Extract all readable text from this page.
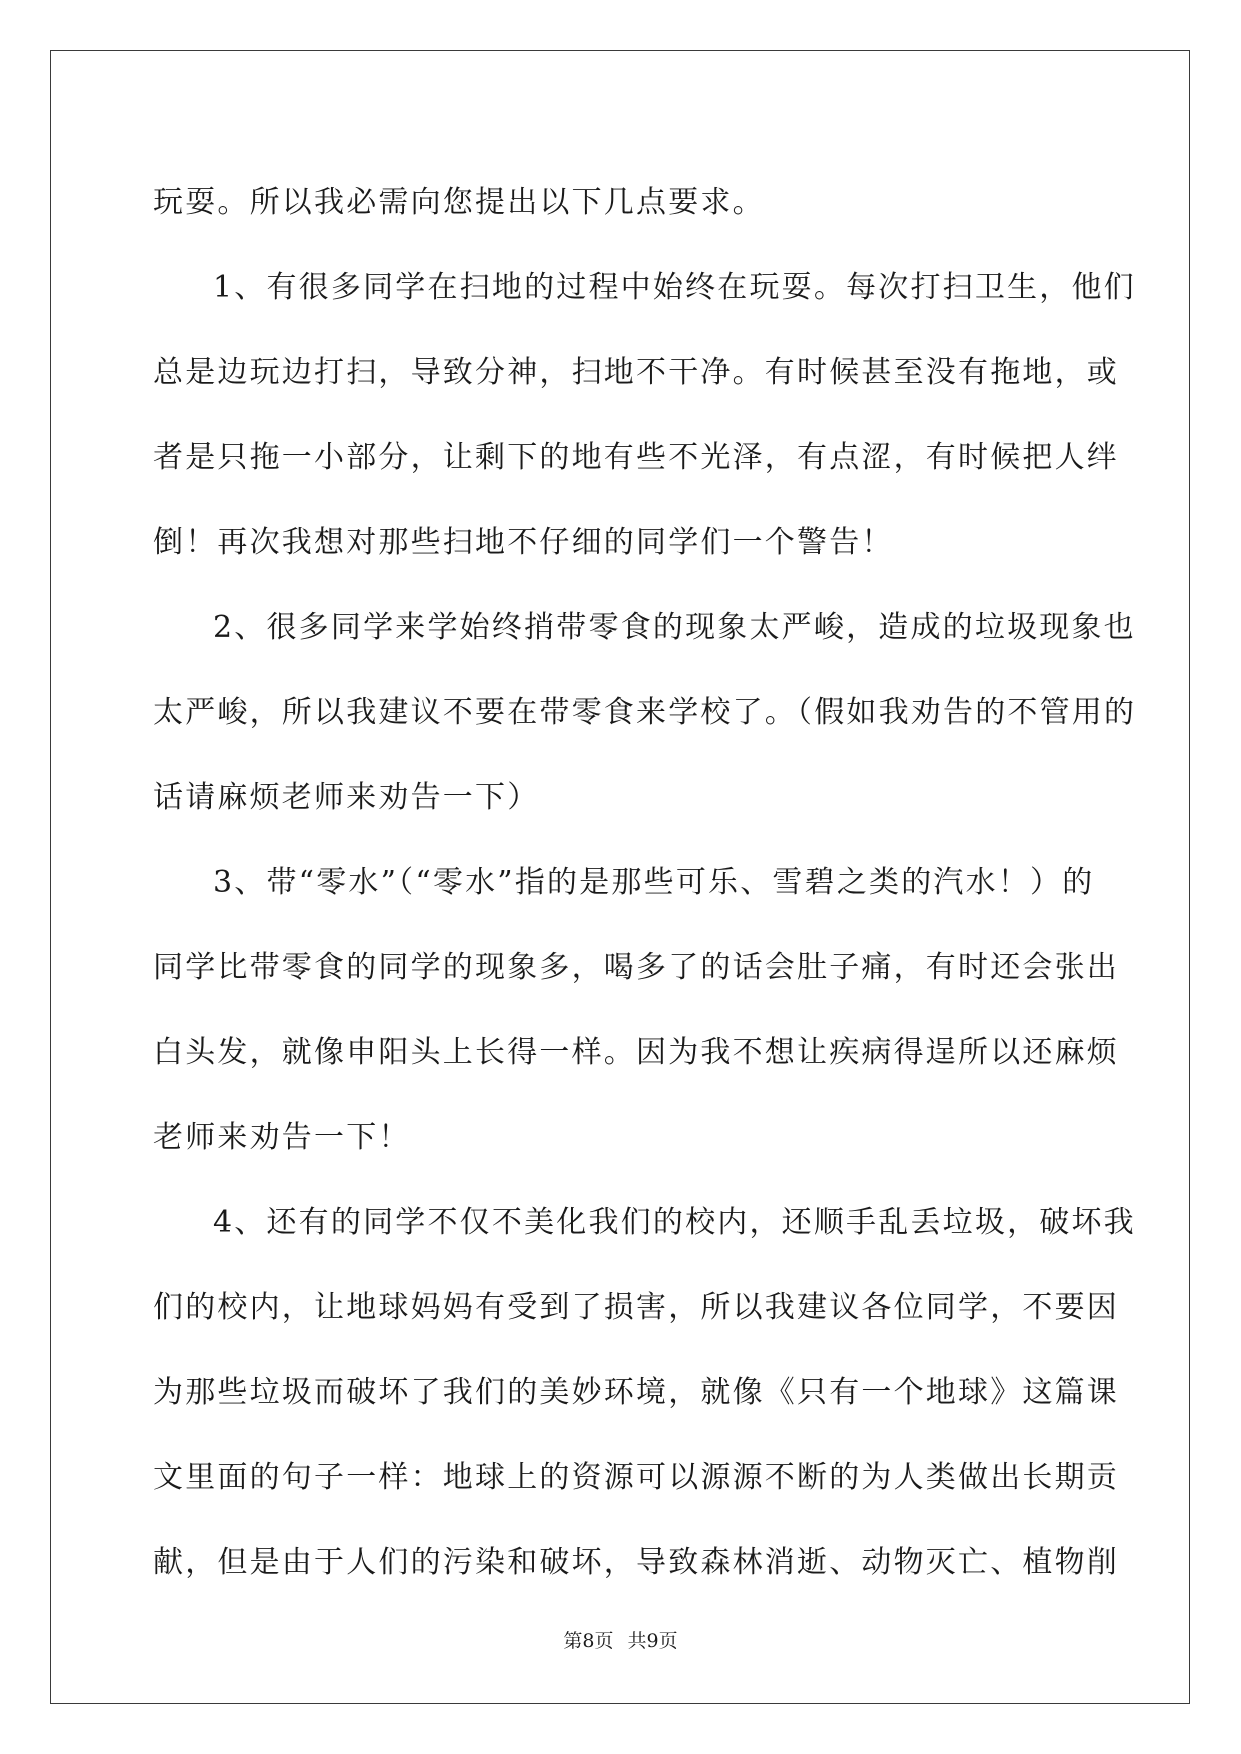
玩耍。所以我必需向您提出以下几点要求。
1、有很多同学在扫地的过程中始终在玩耍。每次打扫卫生，他们
总是边玩边打扫，导致分神，扫地不干净。有时候甚至没有拖地，或
者是只拖一小部分，让剩下的地有些不光泽，有点涩，有时候把人绊
倒！再次我想对那些扫地不仔细的同学们一个警告！
2、很多同学来学始终捎带零食的现象太严峻，造成的垃圾现象也
太严峻，所以我建议不要在带零食来学校了。（假如我劝告的不管用的
话请麻烦老师来劝告一下）
3、带“零水”（“零水”指的是那些可乐、雪碧之类的汽水！）的
同学比带零食的同学的现象多，喝多了的话会肚子痛，有时还会张出
白头发，就像申阳头上长得一样。因为我不想让疾病得逞所以还麻烦
老师来劝告一下！
4、还有的同学不仅不美化我们的校内，还顺手乱丢垃圾，破坏我
们的校内，让地球妈妈有受到了损害，所以我建议各位同学，不要因
为那些垃圾而破坏了我们的美妙环境，就像《只有一个地球》这篇课
文里面的句子一样：地球上的资源可以源源不断的为人类做出长期贡
献，但是由于人们的污染和破坏，导致森林消逝、动物灭亡、植物削
第8页 共9页
